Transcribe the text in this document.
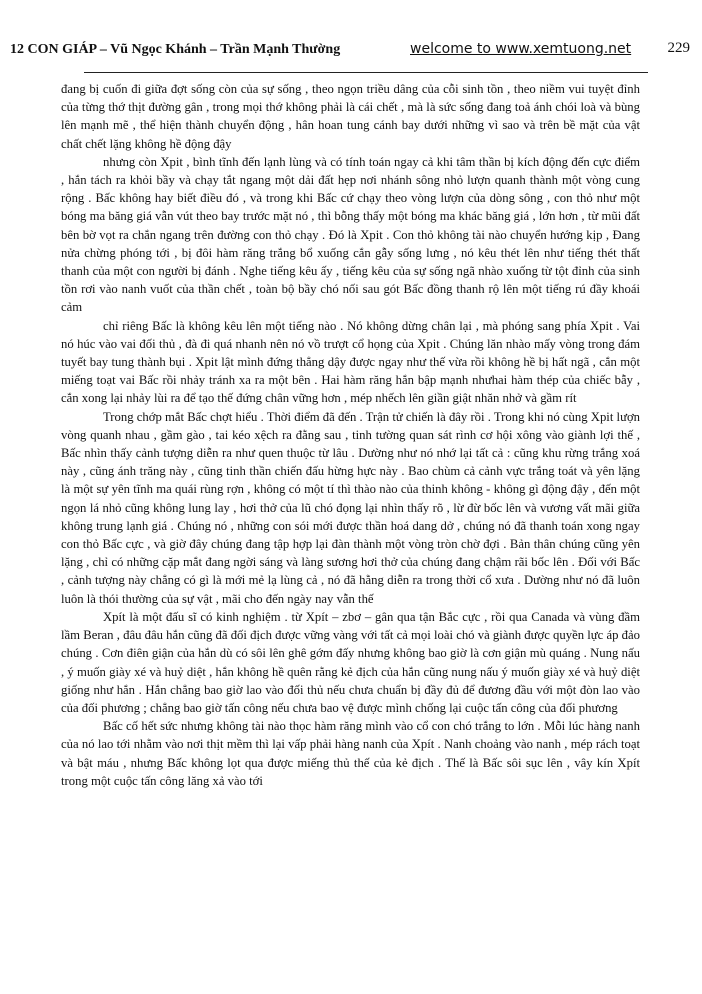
12 CON GIÁP – Vũ Ngọc Khánh – Trần Mạnh Thường	welcome to www.xemtuong.net 229

đang bị cuốn đi giữa đợt sống còn của sự sống , theo ngọn triều dâng của cỗi sinh tồn , theo niềm vui tuyệt đỉnh của từng thớ thịt đường gân , trong mọi thớ không phải là cái chết , mà là sức sống đang toả ánh chói loà và bùng lên mạnh mẽ , thể hiện thành chuyển động , hân hoan tung cánh bay dưới những vì sao và trên bề mặt của vật chất chết lặng không hề động đậy

nhưng còn Xpit , bình tĩnh đến lạnh lùng và có tính toán ngay cả khi tâm thần bị kích động đến cực điểm , hắn tách ra khỏi bầy và chạy tắt ngang một dải đất hẹp nơi nhánh sông nhỏ lượn quanh thành một vòng cung rộng . Bấc không hay biết điều đó , và trong khi Bấc cứ chạy theo vòng lượn của dòng sông , con thỏ như một bóng ma băng giá vẫn vút theo bay trước mặt nó , thì bỗng thấy một bóng ma khác băng giá , lớn hơn , từ mũi đất bên bờ vọt ra chắn ngang trên đường con thỏ chạy . Đó là Xpit . Con thỏ không tài nào chuyển hướng kịp , Đang nửa chừng phóng tới , bị đôi hàm răng trắng bổ xuống cắn gẫy sống lưng , nó kêu thét lên như tiếng thét thất thanh của một con người bị đánh . Nghe tiếng kêu ấy , tiếng kêu của sự sống ngã nhào xuống từ tột đỉnh của sinh tồn rơi vào nanh vuốt của thần chết , toàn bộ bầy chó nối sau gót Bấc đồng thanh rộ lên một tiếng rú đầy khoái cảm

chỉ riêng Bấc là không kêu lên một tiếng nào . Nó không dừng chân lại , mà phóng sang phía Xpit . Vai nó húc vào vai đối thủ , đà đi quá nhanh nên nó vồ trượt cổ họng của Xpit . Chúng lăn nhào mấy vòng trong đám tuyết bay tung thành bụi . Xpit lật mình đứng thẳng dậy được ngay như thế vừa rồi không hề bị hất ngã , cắn một miếng toạt vai Bấc rồi nhảy tránh xa ra một bên . Hai hàm răng hắn bập mạnh nhưhai hàm thép của chiếc bẫy , cắn xong lại nhảy lùi ra để tạo thế đứng chân vững hơn , mép nhếch lên giần giật nhăn nhở và gầm rít

Trong chớp mắt Bấc chợt hiểu . Thời điểm đã đến . Trận tử chiến là đây rồi . Trong khi nó cùng Xpit lượn vòng quanh nhau , gầm gào , tai kéo xệch ra đằng sau , tinh tường quan sát rình cơ hội xông vào giành lợi thế , Bấc nhìn thấy cảnh tượng diễn ra như quen thuộc từ lâu . Dường như nó nhớ lại tất cả : cũng khu rừng trắng xoá này , cũng ánh trăng này , cũng tinh thần chiến đấu hừng hực này . Bao chùm cả cảnh vực trắng toát và yên lặng là một sự yên tĩnh ma quái rùng rợn , không có một tí thì thào nào của thinh không - không gì động đậy , đến một ngọn lá nhỏ cũng không lung lay , hơi thở của lũ chó đọng lại nhìn thấy rõ , lừ đừ bốc lên và vương vất mãi giữa không trung lạnh giá . Chúng nó , những con sói mới được thần hoá dang dở , chúng nó đã thanh toán xong ngay con thỏ Bấc cực , và giờ đây chúng đang tập hợp lại đàn thành một vòng tròn chờ đợi . Bản thân chúng cũng yên lặng , chỉ có những cặp mắt đang ngời sáng và làng sương hơi thở của chúng đang chậm rãi bốc lên . Đối với Bấc , cảnh tượng này chẳng có gì là mới mẻ lạ lùng cả , nó đã hằng diễn ra trong thời cổ xưa . Dường như nó đã luôn luôn là thói thường của sự vật , mãi cho đến ngày nay vẫn thế

Xpít là một đấu sĩ có kinh nghiệm . từ Xpít – zbơ – gân qua tận Bắc cực , rồi qua Canada và vùng đầm lầm Beran , đâu đâu hắn cũng đã đối địch được vững vàng với tất cả mọi loài chó và giành được quyền lực áp đảo chúng . Cơn điên giận của hắn dù có sôi lên ghê gớm đấy nhưng không bao giờ là cơn giận mù quáng . Nung nấu , ý muốn giày xé và huỷ diệt , hắn không hề quên rằng kẻ địch của hắn cũng nung nấu ý muốn giày xé và huỷ diệt giống như hắn . Hắn chẳng bao giờ lao vào đối thủ nếu chưa chuẩn bị đầy đủ để đương đầu với một đòn lao vào của đối phương ; chẳng bao giờ tấn công nếu chưa bao vệ được mình chống lại cuộc tấn công của đối phương

Bấc cố hết sức nhưng không tài nào thọc hàm răng mình vào cổ con chó trắng to lớn . Mỗi lúc hàng nanh của nó lao tới nhằm vào nơi thịt mềm thì lại vấp phải hàng nanh của Xpít . Nanh choảng vào nanh , mép rách toạt và bật máu , nhưng Bấc không lọt qua được miếng thủ thế của kẻ địch . Thế là Bấc sôi sục lên , vây kín Xpít trong một cuộc tấn công lăng xả vào tới
